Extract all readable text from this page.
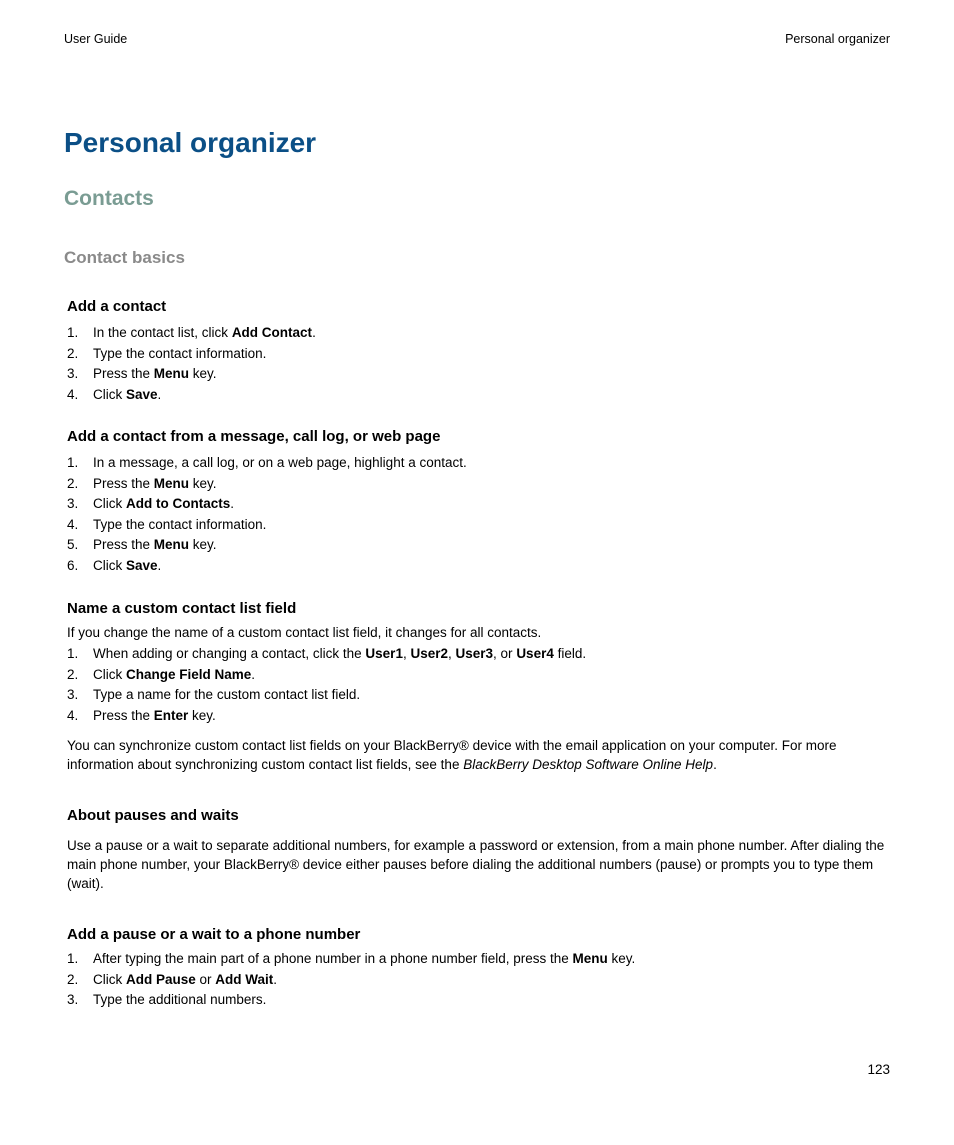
User Guide	Personal organizer
Personal organizer
Contacts
Contact basics
Add a contact
1. In the contact list, click Add Contact.
2. Type the contact information.
3. Press the Menu key.
4. Click Save.
Add a contact from a message, call log, or web page
1. In a message, a call log, or on a web page, highlight a contact.
2. Press the Menu key.
3. Click Add to Contacts.
4. Type the contact information.
5. Press the Menu key.
6. Click Save.
Name a custom contact list field

If you change the name of a custom contact list field, it changes for all contacts.

1. When adding or changing a contact, click the User1, User2, User3, or User4 field.
2. Click Change Field Name.
3. Type a name for the custom contact list field.
4. Press the Enter key.

You can synchronize custom contact list fields on your BlackBerry® device with the email application on your computer. For more information about synchronizing custom contact list fields, see the BlackBerry Desktop Software Online Help.

About pauses and waits

Use a pause or a wait to separate additional numbers, for example a password or extension, from a main phone number. After dialing the main phone number, your BlackBerry® device either pauses before dialing the additional numbers (pause) or prompts you to type them (wait).

Add a pause or a wait to a phone number
1. After typing the main part of a phone number in a phone number field, press the Menu key.
2. Click Add Pause or Add Wait.
3. Type the additional numbers.
123
